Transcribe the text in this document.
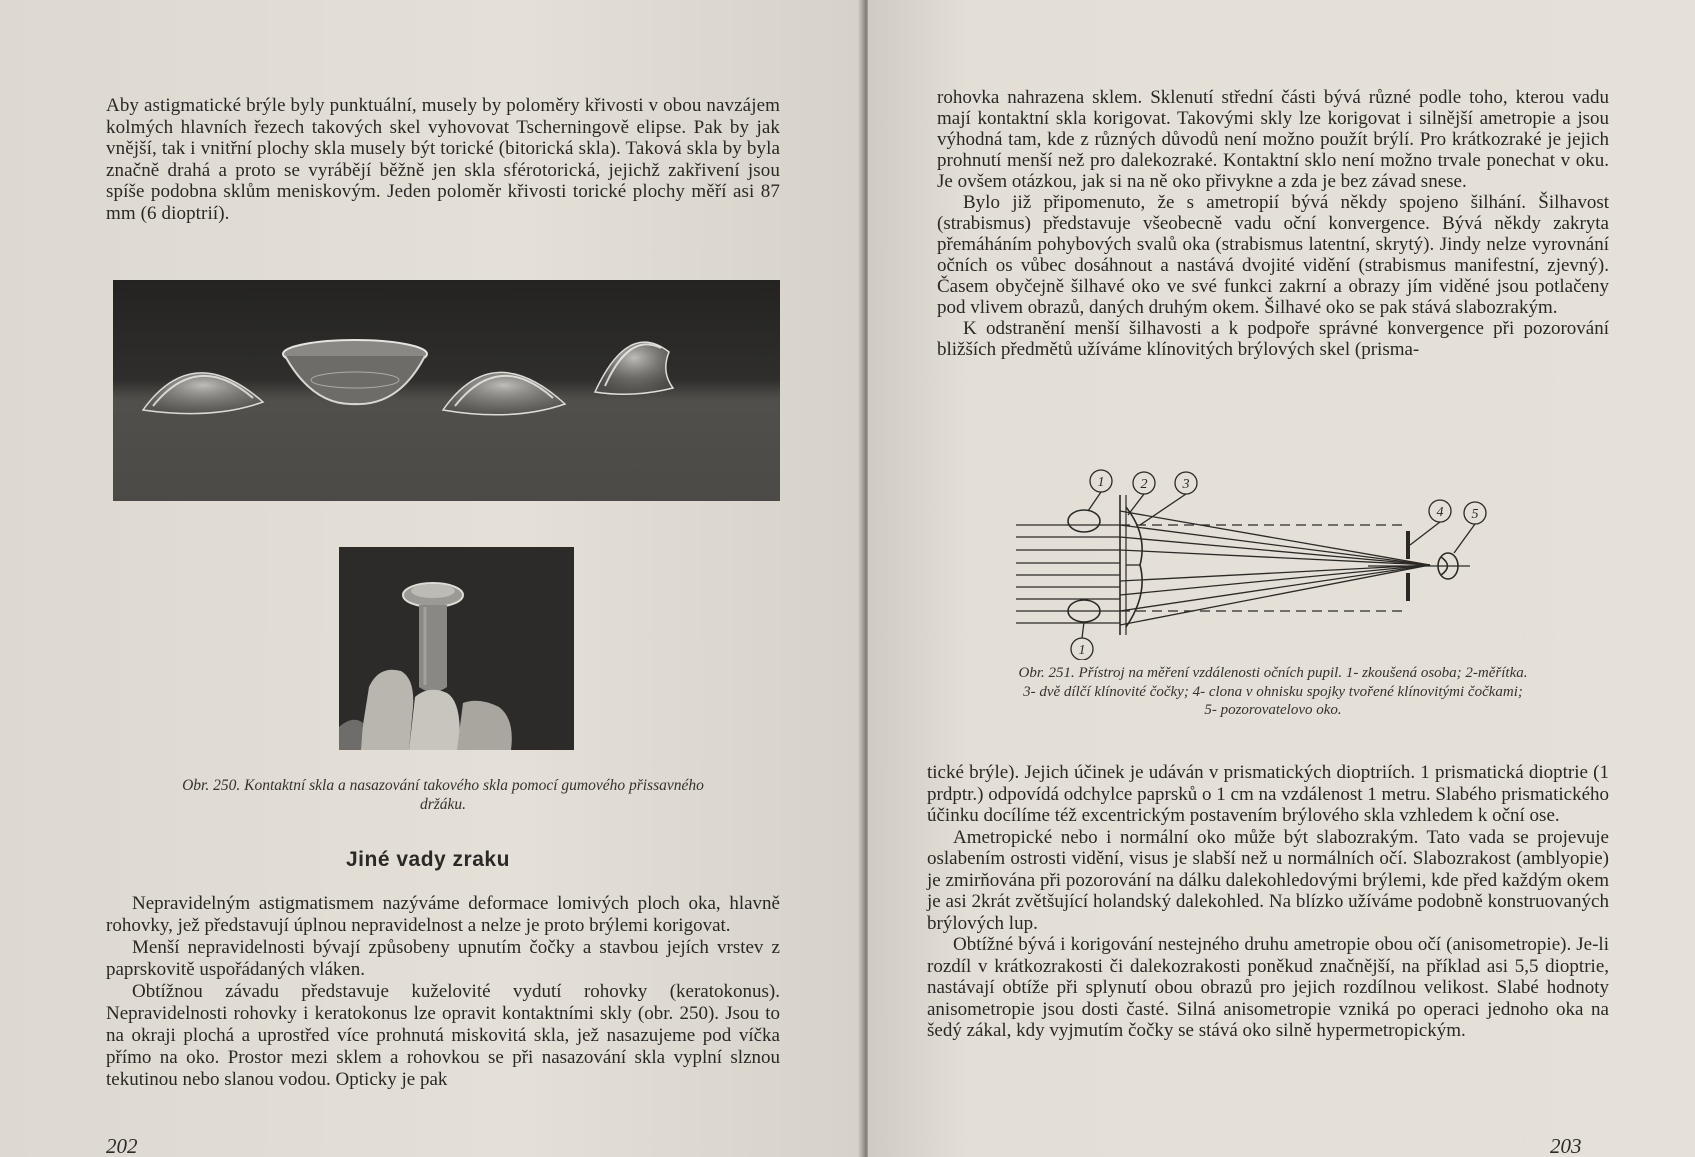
Aby astigmatické brýle byly punktuální, musely by poloměry křivosti v obou navzájem kolmých hlavních řezech takových skel vyhovovat Tscherningově elipse. Pak by jak vnější, tak i vnitřní plochy skla musely být torické (bitorická skla). Taková skla by byla značně drahá a proto se vyrábějí běžně jen skla sférotorická, jejichž zakřivení jsou spíše podobna sklům meniskovým. Jeden poloměr křivosti torické plochy měří asi 87 mm (6 dioptrií).

Obr. 250. Kontaktní skla a nasazování takového skla pomocí gumového přissavného
držáku.
Jiné vady zraku

Nepravidelným astigmatismem nazýváme deformace lomivých ploch oka, hlavně rohovky, jež představují úplnou nepravidelnost a nelze je proto brýlemi korigovat.

Menší nepravidelnosti bývají způsobeny upnutím čočky a stavbou jejích vrstev z paprskovitě uspořádaných vláken.

Obtížnou závadu představuje kuželovité vydutí rohovky (keratokonus). Nepravidelnosti rohovky i keratokonus lze opravit kontaktními skly (obr. 250). Jsou to na okraji plochá a uprostřed více prohnutá miskovitá skla, jež nasazujeme pod víčka přímo na oko. Prostor mezi sklem a rohovkou se při nasazování skla vyplní slznou tekutinou nebo slanou vodou. Opticky je pak

202

rohovka nahrazena sklem. Sklenutí střední části bývá různé podle toho, kterou vadu mají kontaktní skla korigovat. Takovými skly lze korigovat i silnější ametropie a jsou výhodná tam, kde z různých důvodů není možno použít brýlí. Pro krátkozraké je jejich prohnutí menší než pro dalekozraké. Kontaktní sklo není možno trvale ponechat v oku. Je ovšem otázkou, jak si na ně oko přivykne a zda je bez závad snese.

Bylo již připomenuto, že s ametropií bývá někdy spojeno šilhání. Šilhavost (strabismus) představuje všeobecně vadu oční konvergence. Bývá někdy zakryta přemáháním pohybových svalů oka (strabismus latentní, skrytý). Jindy nelze vyrovnání očních os vůbec dosáhnout a nastává dvojité vidění (strabismus manifestní, zjevný). Časem obyčejně šilhavé oko ve své funkci zakrní a obrazy jím viděné jsou potlačeny pod vlivem obrazů, daných druhým okem. Šilhavé oko se pak stává slabozrakým.

K odstranění menší šilhavosti a k podpoře správné konvergence při pozorování bližších předmětů užíváme klínovitých brýlových skel (prisma-

1	2	3
4 5
1
Obr. 251. Přístroj na měření vzdálenosti očních pupil. 1- zkoušená osoba; 2-měřítka.
3- dvě dílčí klínovité čočky; 4- clona v ohnisku spojky tvořené klínovitými čočkami;
5- pozorovatelovo oko.

tické brýle). Jejich účinek je udáván v prismatických dioptriích. 1 prismatická dioptrie (1 prdptr.) odpovídá odchylce paprsků o 1 cm na vzdálenost 1 metru. Slabého prismatického účinku docílíme též excentrickým postavením brýlového skla vzhledem k oční ose.

Ametropické nebo i normální oko může být slabozrakým. Tato vada se projevuje oslabením ostrosti vidění, visus je slabší než u normálních očí. Slabozrakost (amblyopie) je zmirňována při pozorování na dálku dalekohledovými brýlemi, kde před každým okem je asi 2krát zvětšující holandský dalekohled. Na blízko užíváme podobně konstruovaných brýlových lup.

Obtížné bývá i korigování nestejného druhu ametropie obou očí (anisometropie). Je-li rozdíl v krátkozrakosti či dalekozrakosti poněkud značnější, na příklad asi 5,5 dioptrie, nastávají obtíže při splynutí obou obrazů pro jejich rozdílnou velikost. Slabé hodnoty anisometropie jsou dosti časté. Silná anisometropie vzniká po operaci jednoho oka na šedý zákal, kdy vyjmutím čočky se stává oko silně hypermetropickým.

203
